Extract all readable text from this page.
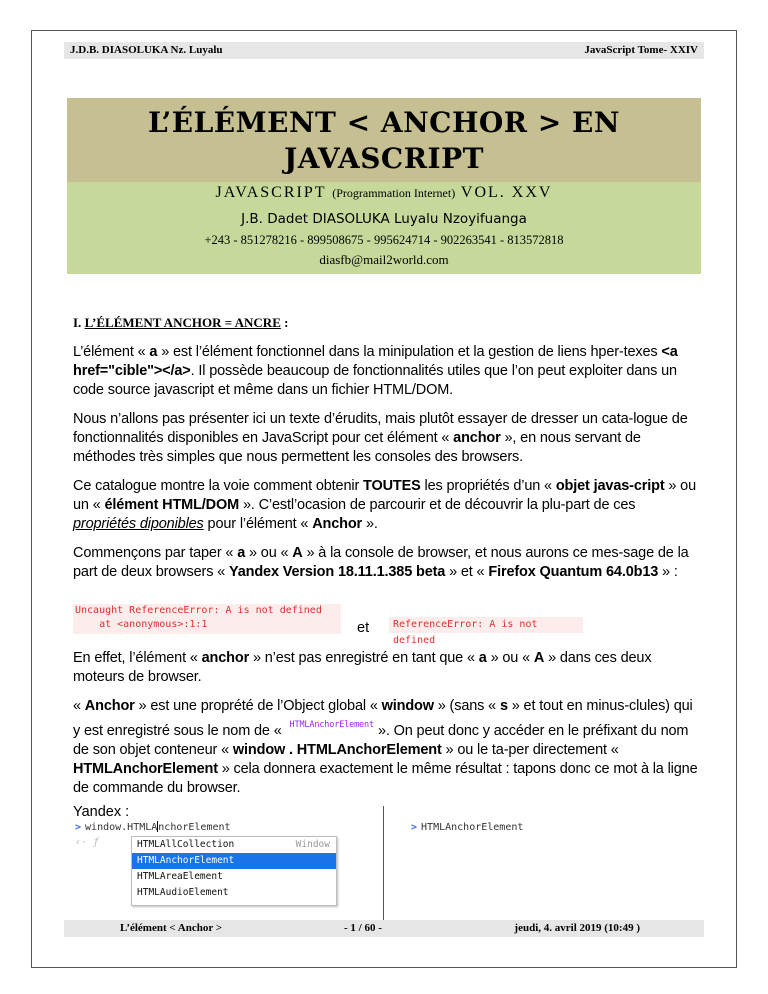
J.D.B. DIASOLUKA Nz. Luyalu	JavaScript Tome- XXIV
L’ÉLÉMENT < ANCHOR > EN
JAVASCRIPT
JAVASCRIPT (Programmation Internet) VOL. XXV
J.B. Dadet DIASOLUKA Luyalu Nzoyifuanga
+243 - 851278216 - 899508675 - 995624714 - 902263541 - 813572818
diasfb@mail2world.com
I. L’ÉLÉMENT ANCHOR = ANCRE :
L’élément « a » est l’élément fonctionnel dans la minipulation et la gestion de liens hper-texes <a href="cible"></a>. Il possède beaucoup de fonctionnalités utiles que l’on peut exploiter dans un code source javascript et même dans un fichier HTML/DOM.
Nous n’allons pas présenter ici un texte d’érudits, mais plutôt essayer de dresser un cata-logue de fonctionnalités disponibles en JavaScript pour cet élément « anchor », en nous servant de méthodes très simples que nous permettent les consoles des browsers.
Ce catalogue montre la voie comment obtenir TOUTES les propriétés d’un « objet javas-cript » ou un « élément HTML/DOM ». C’estl’ocasion de parcourir et de découvrir la plu-part de ces propriétés diponibles pour l’élément « Anchor ».
Commençons par taper « a » ou « A » à la console de browser, et nous aurons ce mes-sage de la part de deux browsers « Yandex Version 18.11.1.385 beta » et « Firefox Quantum 64.0b13 » :
Uncaught ReferenceError: A is not defined
at <anonymous>:1:1	et	ReferenceError: A is not defined
En effet, l’élément « anchor » n’est pas enregistré en tant que « a » ou « A » dans ces deux moteurs de browser.
« Anchor » est une proprété de l’Object global « window » (sans « s » et tout en minus-clules) qui y est enregistré sous le nom de « HTMLAnchorElement ». On peut donc y accéder en le préfixant du nom de son objet conteneur « window . HTMLAnchorElement » ou le ta-per directement « HTMLAnchorElement » cela donnera exactement le même résultat : tapons donc ce mot à la ligne de commande du browser.
Yandex :
> window.HTMLAnchorElement
‹· ƒ	HTMLAllCollection	Window
HTMLAnchorElement
HTMLAreaElement
HTMLAudioElement
> HTMLAnchorElement
L’élément < Anchor >	- 1 / 60 -	jeudi, 4. avril 2019 (10:49 )
